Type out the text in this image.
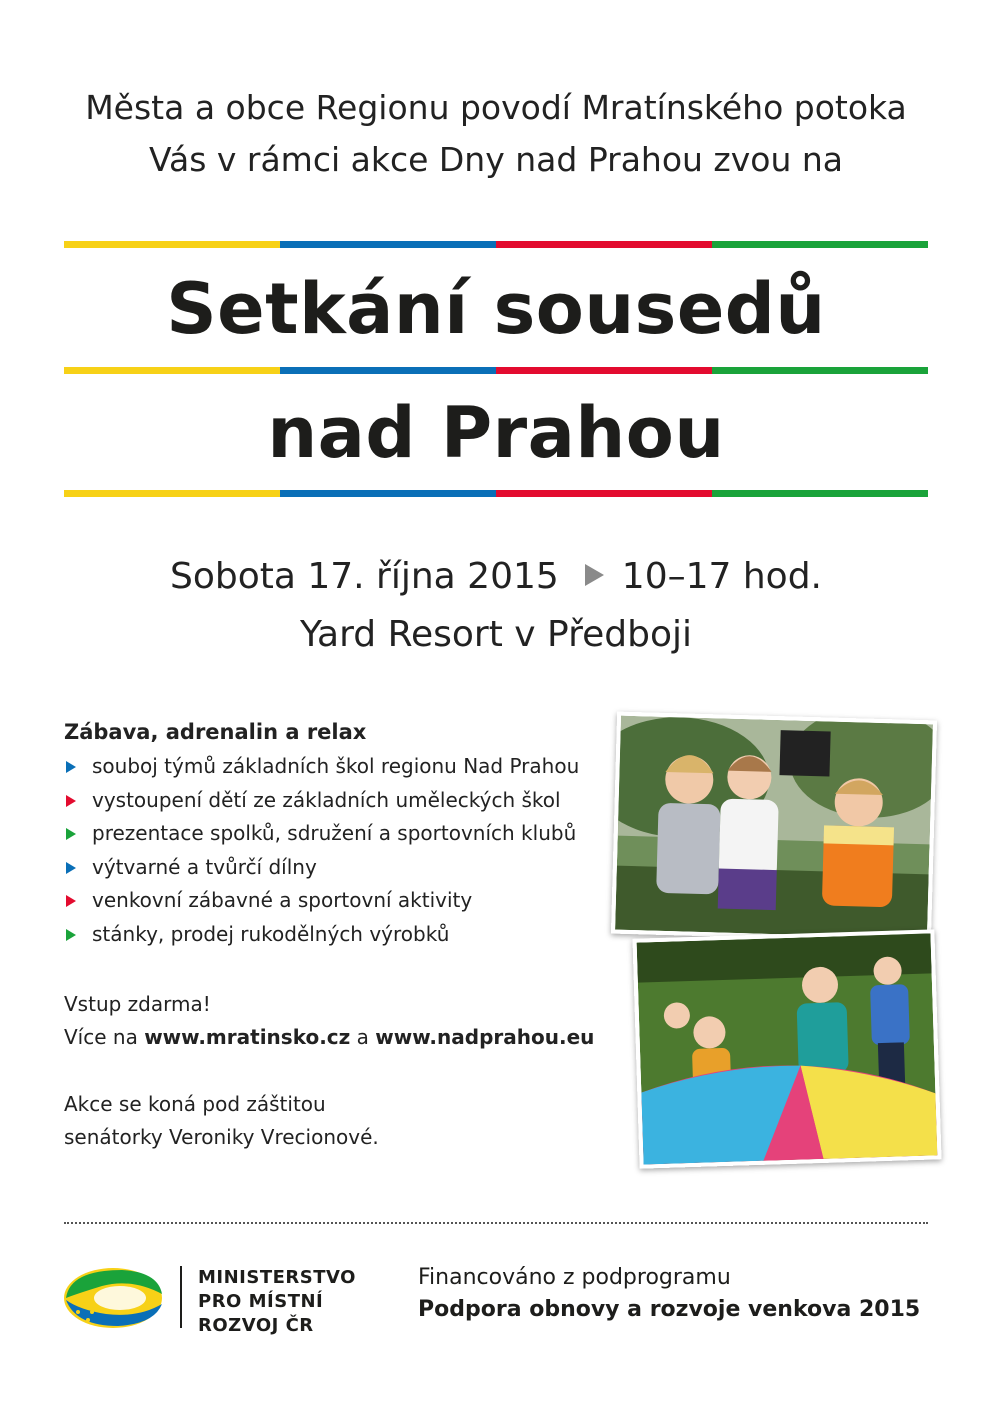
Města a obce Regionu povodí Mratínského potoka
Vás v rámci akce Dny nad Prahou zvou na
Setkání sousedů
nad Prahou
Sobota 17. října 2015 10–17 hod.
Yard Resort v Předboji
Zábava, adrenalin a relax
souboj týmů základních škol regionu Nad Prahou
vystoupení dětí ze základních uměleckých škol
prezentace spolků, sdružení a sportovních klubů
výtvarné a tvůrčí dílny
venkovní zábavné a sportovní aktivity
stánky, prodej rukodělných výrobků
Vstup zdarma!
Více na www.mratinsko.cz a www.nadprahou.eu
Akce se koná pod záštitou
senátorky Veroniky Vrecionové.
MINISTERSTVO
PRO MÍSTNÍ
ROZVOJ ČR
Financováno z podprogramu
Podpora obnovy a rozvoje venkova 2015
